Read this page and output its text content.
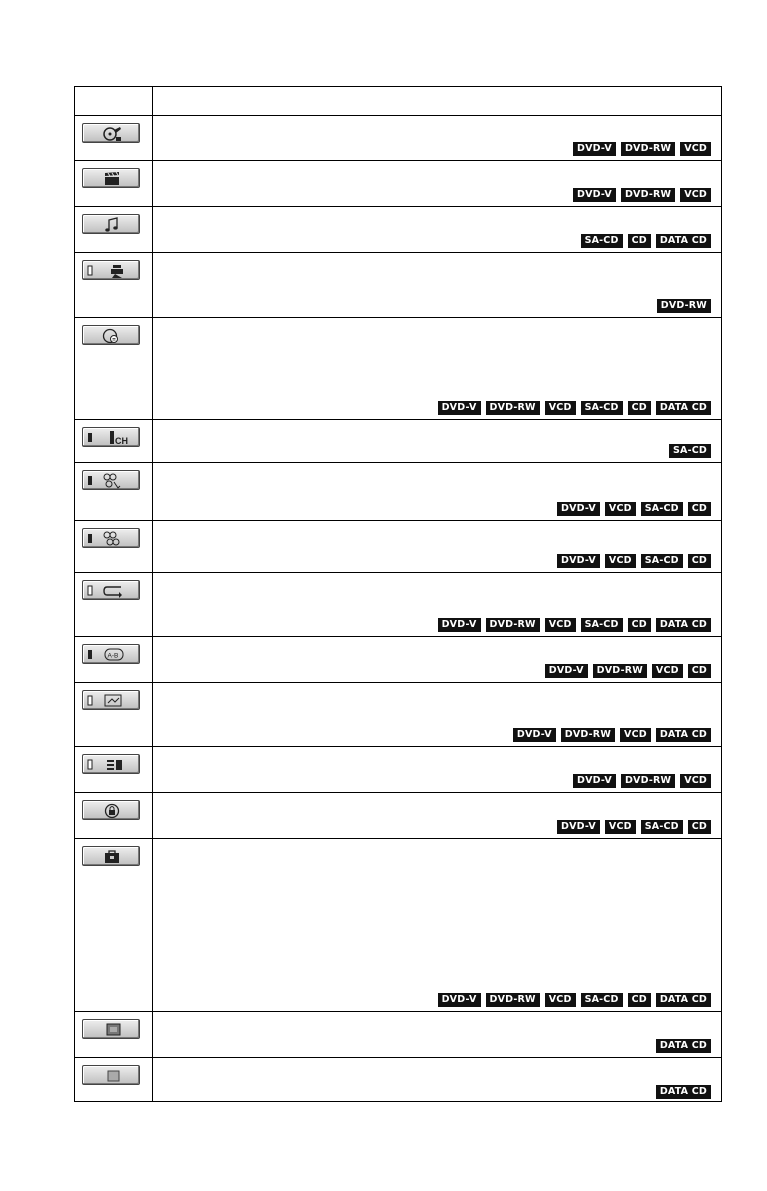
DVD-V	DVD-RW	VCD
DVD-V	DVD-RW	VCD
SA-CD	CD	DATA CD
DVD-RW
DVD-V	DVD-RW	VCD	SA-CD	CD	DATA CD
CH
SA-CD
DVD-V	VCD	SA-CD	CD
DVD-V	VCD	SA-CD	CD
DVD-V	DVD-RW	VCD	SA-CD	CD	DATA CD
A-B
DVD-V	DVD-RW	VCD	CD
DVD-V	DVD-RW	VCD	DATA CD
DVD-V	DVD-RW	VCD
DVD-V	VCD	SA-CD	CD
DVD-V	DVD-RW	VCD	SA-CD	CD	DATA CD
DATA CD
DATA CD
